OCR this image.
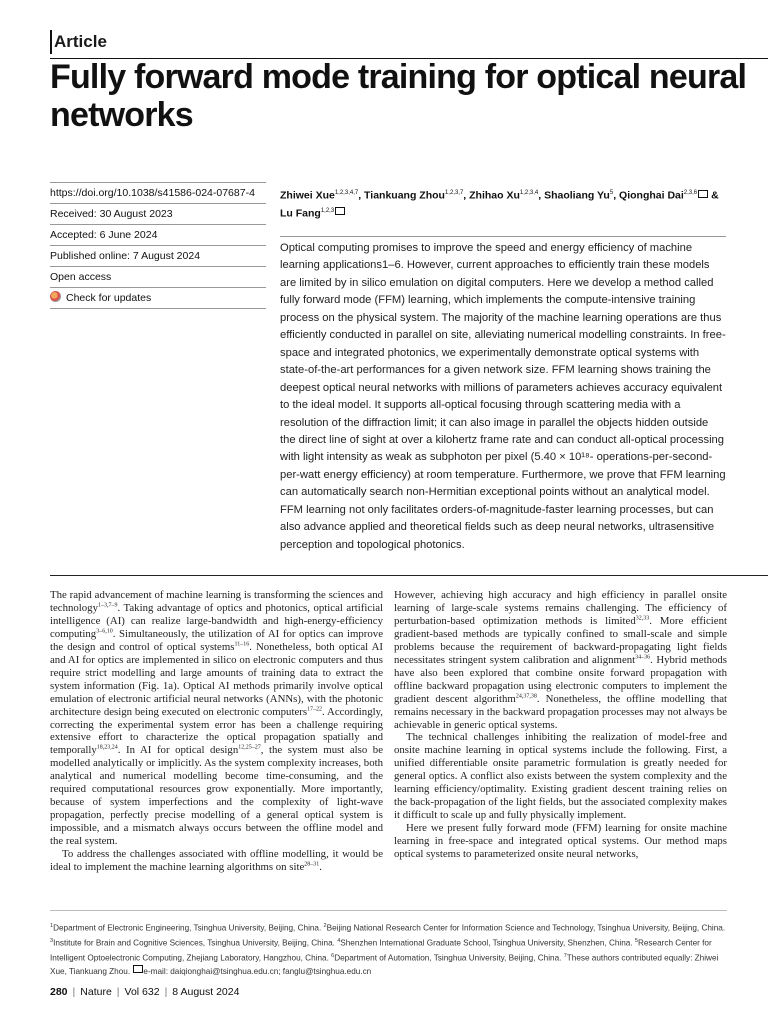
Article
Fully forward mode training for optical neural networks
https://doi.org/10.1038/s41586-024-07687-4
Received: 30 August 2023
Accepted: 6 June 2024
Published online: 7 August 2024
Open access
Check for updates
Zhiwei Xue$^{1,2,3,4,7}$, Tiankuang Zhou$^{1,2,3,7}$, Zhihao Xu$^{1,2,3,4}$, Shaoliang Yu$^5$, Qionghai Dai$^{2,3,6}$ &
Lu Fang$^{1,2,3}$

Optical computing promises to improve the speed and energy efficiency of machine learning applications1–6. However, current approaches to efficiently train these models are limited by in silico emulation on digital computers. Here we develop a method called fully forward mode (FFM) learning, which implements the compute-intensive training process on the physical system. The majority of the machine learning operations are thus efficiently conducted in parallel on site, alleviating numerical modelling constraints. In free-space and integrated photonics, we experimentally demonstrate optical systems with state-of-the-art performances for a given network size. FFM learning shows training the deepest optical neural networks with millions of parameters achieves accuracy equivalent to the ideal model. It supports all-optical focusing through scattering media with a resolution of the diffraction limit; it can also image in parallel the objects hidden outside the direct line of sight at over a kilohertz frame rate and can conduct all-optical processing with light intensity as weak as subphoton per pixel (5.40 × 10¹⁸- operations-per-second-per-watt energy efficiency) at room temperature. Furthermore, we prove that FFM learning can automatically search non-Hermitian exceptional points without an analytical model. FFM learning not only facilitates orders-of-magnitude-faster learning processes, but can also advance applied and theoretical fields such as deep neural networks, ultrasensitive perception and topological photonics.

The rapid advancement of machine learning is transforming the sciences and technology$^{1-3,7-9}$. Taking advantage of optics and photonics, optical artificial intelligence (AI) can realize large-bandwidth and high-energy-efficiency computing$^{3-6,10}$. Simultaneously, the utilization of AI for optics can improve the design and control of optical systems$^{11-16}$. Nonetheless, both optical AI and AI for optics are implemented in silico on electronic computers and thus require strict modelling and large amounts of training data to extract the system information (Fig. 1a). Optical AI methods primarily involve optical emulation of electronic artificial neural networks (ANNs), with the photonic architecture design being executed on electronic computers$^{17-22}$. Accordingly, correcting the experimental system error has been a challenge requiring extensive effort to characterize the optical propagation spatially and temporally$^{18,23,24}$. In AI for optical design$^{12,25-27}$, the system must also be modelled analytically or implicitly. As the system complexity increases, both analytical and numerical modelling become time-consuming, and the required computational resources grow exponentially. More importantly, because of system imperfections and the complexity of light-wave propagation, perfectly precise modelling of a general optical system is impossible, and a mismatch always occurs between the offline model and the real system.

To address the challenges associated with offline modelling, it would be ideal to implement the machine learning algorithms on site$^{28-31}$.

However, achieving high accuracy and high efficiency in parallel onsite learning of large-scale systems remains challenging. The efficiency of perturbation-based optimization methods is limited$^{32,33}$. More efficient gradient-based methods are typically confined to small-scale and simple problems because the requirement of backward-propagating light fields necessitates stringent system calibration and alignment$^{34-36}$. Hybrid methods have also been explored that combine onsite forward propagation with offline backward propagation using electronic computers to implement the gradient descent algorithm$^{24,37,38}$. Nonetheless, the offline modelling that remains necessary in the backward propagation processes may not always be achievable in generic optical systems.

The technical challenges inhibiting the realization of model-free and onsite machine learning in optical systems include the following. First, a unified differentiable onsite parametric formulation is greatly needed for general optics. A conflict also exists between the system complexity and the learning efficiency/optimality. Existing gradient descent training relies on the back-propagation of the light fields, but the associated complexity makes it difficult to scale up and fully physically implement.

Here we present fully forward mode (FFM) learning for onsite machine learning in free-space and integrated optical systems. Our method maps optical systems to parameterized onsite neural networks,

$^1$Department of Electronic Engineering, Tsinghua University, Beijing, China. $^2$Beijing National Research Center for Information Science and Technology, Tsinghua University, Beijing, China. $^3$Institute for Brain and Cognitive Sciences, Tsinghua University, Beijing, China. $^4$Shenzhen International Graduate School, Tsinghua University, Shenzhen, China. $^5$Research Center for Intelligent Optoelectronic Computing, Zhejiang Laboratory, Hangzhou, China. $^6$Department of Automation, Tsinghua University, Beijing, China. $^7$These authors contributed equally: Zhiwei Xue, Tiankuang Zhou. e-mail: daiqionghai@tsinghua.edu.cn; fanglu@tsinghua.edu.cn
280 | Nature | Vol 632 | 8 August 2024
